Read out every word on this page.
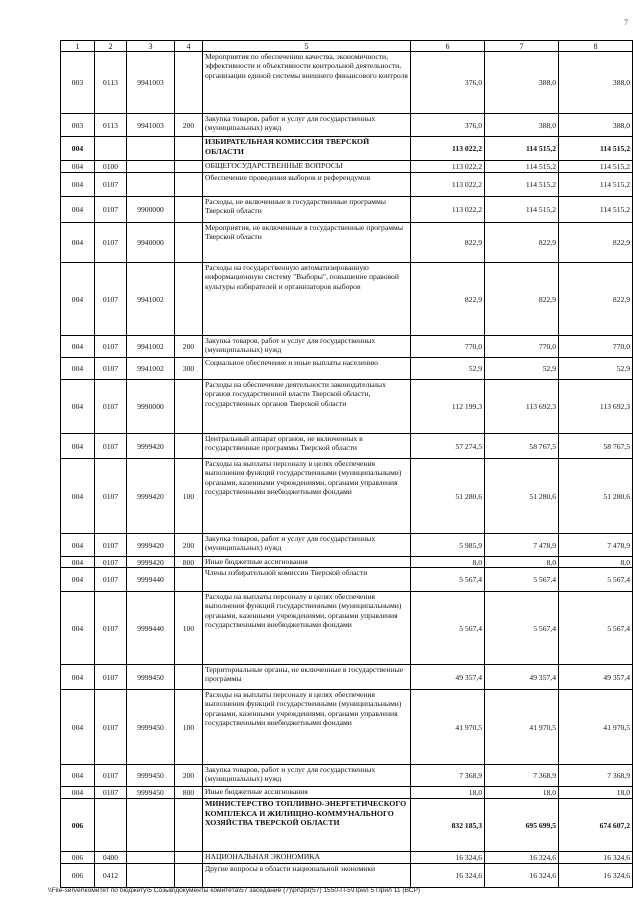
7
1	2	3	4	5	6	7	8
003	0113	9941003		Мероприятия по обеспечению качества, экономичности, эффективности и объективности контрольной деятельности, организации единой системы внешнего финансового контроля	376,0	388,0	388,0
003	0113	9941003	200	Закупка товаров, работ и услуг для государственных (муниципальных) нужд	376,0	388,0	388,0
004				ИЗБИРАТЕЛЬНАЯ КОМИССИЯ ТВЕРСКОЙ ОБЛАСТИ	113 022,2	114 515,2	114 515,2
004	0100			ОБЩЕГОСУДАРСТВЕННЫЕ ВОПРОСЫ	113 022,2	114 515,2	114 515,2
004	0107			Обеспечение проведения выборов и референдумов	113 022,2	114 515,2	114 515,2
004	0107	9900000		Расходы, не включенные в государственные программы Тверской области	113 022,2	114 515,2	114 515,2
004	0107	9940000		Мероприятия, не включенные в государственные программы Тверской области	822,9	822,9	822,9
004	0107	9941002		Расходы на государственную автоматизированную информационную систему "Выборы", повышение правовой культуры избирателей и организаторов выборов	822,9	822,9	822,9
004	0107	9941002	200	Закупка товаров, работ и услуг для государственных (муниципальных) нужд	770,0	770,0	770,0
004	0107	9941002	300	Социальное обеспечение и иные выплаты населению	52,9	52,9	52,9
004	0107	9990000		Расходы на обеспечение деятельности законодательных органов государственной власти Тверской области, государственных органов Тверской области	112 199,3	113 692,3	113 692,3
004	0107	9999420		Центральный аппарат органов, не включенных в государственные программы Тверской области	57 274,5	58 767,5	58 767,5
004	0107	9999420	100	Расходы на выплаты персоналу в целях обеспечения выполнения функций государственными (муниципальными) органами, казенными учреждениями, органами управления государственными внебюджетными фондами	51 280,6	51 280,6	51 280,6
004	0107	9999420	200	Закупка товаров, работ и услуг для государственных (муниципальных) нужд	5 985,9	7 478,9	7 478,9
004	0107	9999420	800	Иные бюджетные ассигнования	8,0	8,0	8,0
004	0107	9999440		Члены избирательной комиссии Тверской области	5 567,4	5 567,4	5 567,4
004	0107	9999440	100	Расходы на выплаты персоналу в целях обеспечения выполнения функций государственными (муниципальными) органами, казенными учреждениями, органами управления государственными внебюджетными фондами	5 567,4	5 567,4	5 567,4
004	0107	9999450		Территориальные органы, не включенные в государственные программы	49 357,4	49 357,4	49 357,4
004	0107	9999450	100	Расходы на выплаты персоналу в целях обеспечения выполнения функций государственными (муниципальными) органами, казенными учреждениями, органами управления государственными внебюджетными фондами	41 970,5	41 970,5	41 970,5
004	0107	9999450	200	Закупка товаров, работ и услуг для государственных (муниципальных) нужд	7 368,9	7 368,9	7 368,9
004	0107	9999450	800	Иные бюджетные ассигнования	18,0	18,0	18,0
006				МИНИСТЕРСТВО ТОПЛИВНО-ЭНЕРГЕТИЧЕСКОГО КОМПЛЕКСА И ЖИЛИЩНО-КОММУНАЛЬНОГО ХОЗЯЙСТВА ТВЕРСКОЙ ОБЛАСТИ	832 185,3	695 699,5	674 607,2
006	0400			НАЦИОНАЛЬНАЯ ЭКОНОМИКА	16 324,6	16 324,6	16 324,6
006	0412			Другие вопросы в области национальной экономики	16 324,6	16 324,6	16 324,6
\\File-server\комитет по бюджету\5 Созыв\документы комитета\57 заседание (7)\pr\zpr(57) 1550-П-5\Прил 5 Прил 11 (ВСР)
